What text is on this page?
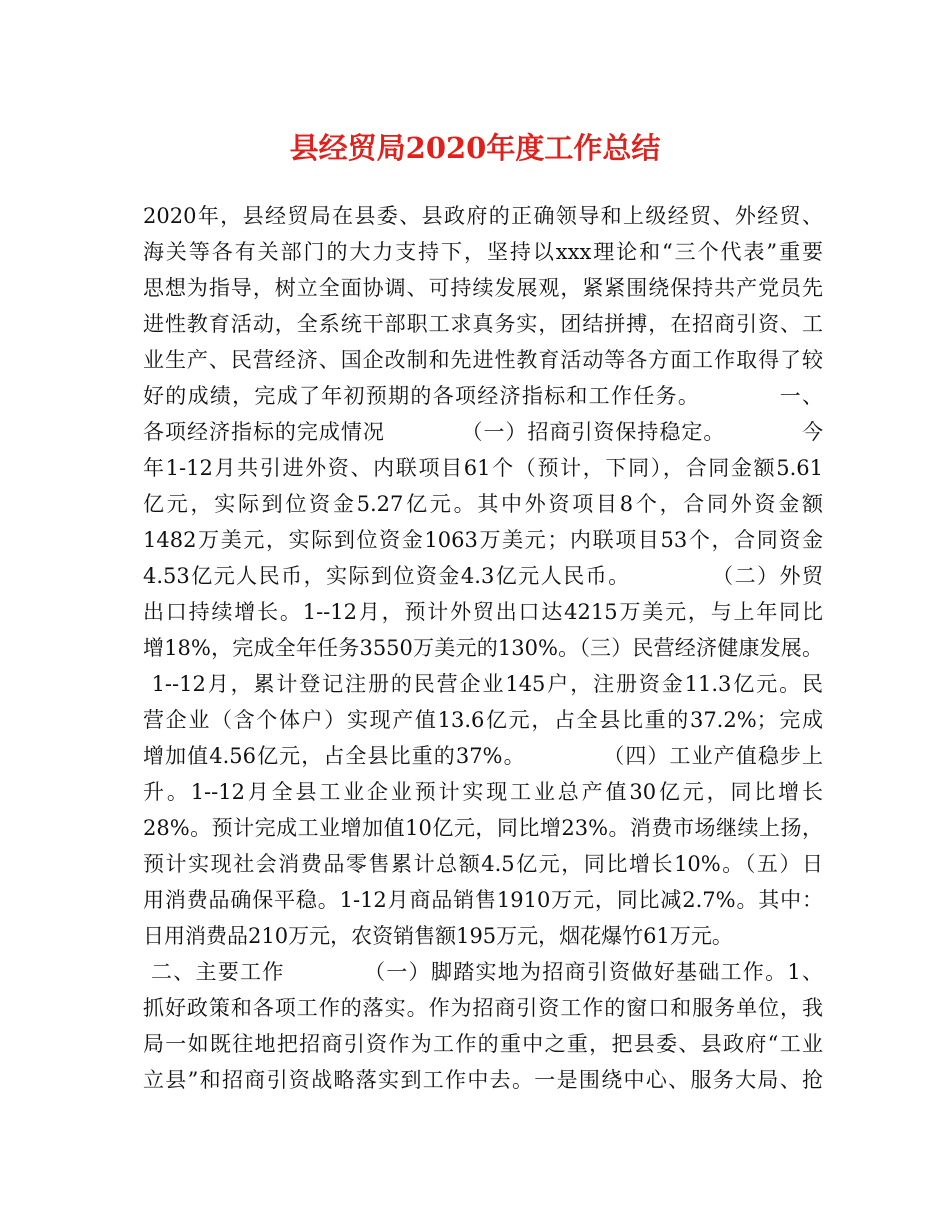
县经贸局2020年度工作总结
2020年，县经贸局在县委、县政府的正确领导和上级经贸、外经贸、
海关等各有关部门的大力支持下，坚持以xxx理论和“三个代表”重要
思想为指导，树立全面协调、可持续发展观，紧紧围绕保持共产党员先
进性教育活动，全系统干部职工求真务实，团结拼搏，在招商引资、工
业生产、民营经济、国企改制和先进性教育活动等各方面工作取得了较
好的成绩，完成了年初预期的各项经济指标和工作任务。          一、
各项经济指标的完成情况          （一）招商引资保持稳定。          今
年1-12月共引进外资、内联项目61个（预计，下同），合同金额5.61
亿元，实际到位资金5.27亿元。其中外资项目8个，合同外资金额
1482万美元，实际到位资金1063万美元；内联项目53个，合同资金
4.53亿元人民币，实际到位资金4.3亿元人民币。          （二）外贸
出口持续增长。1--12月，预计外贸出口达4215万美元，与上年同比
增18%，完成全年任务3550万美元的130%。（三）民营经济健康发展。
1--12月，累计登记注册的民营企业145户，注册资金11.3亿元。民
营企业（含个体户）实现产值13.6亿元，占全县比重的37.2%；完成
增加值4.56亿元，占全县比重的37%。          （四）工业产值稳步上
升。1--12月全县工业企业预计实现工业总产值30亿元，同比增长
28%。预计完成工业增加值10亿元，同比增23%。消费市场继续上扬，
预计实现社会消费品零售累计总额4.5亿元，同比增长10%。（五）日
用消费品确保平稳。1-12月商品销售1910万元，同比减2.7%。其中：
日用消费品210万元，农资销售额195万元，烟花爆竹61万元。
二、主要工作          （一）脚踏实地为招商引资做好基础工作。1、
抓好政策和各项工作的落实。作为招商引资工作的窗口和服务单位，我
局一如既往地把招商引资作为工作的重中之重，把县委、县政府“工业
立县”和招商引资战略落实到工作中去。一是围绕中心、服务大局、抢
